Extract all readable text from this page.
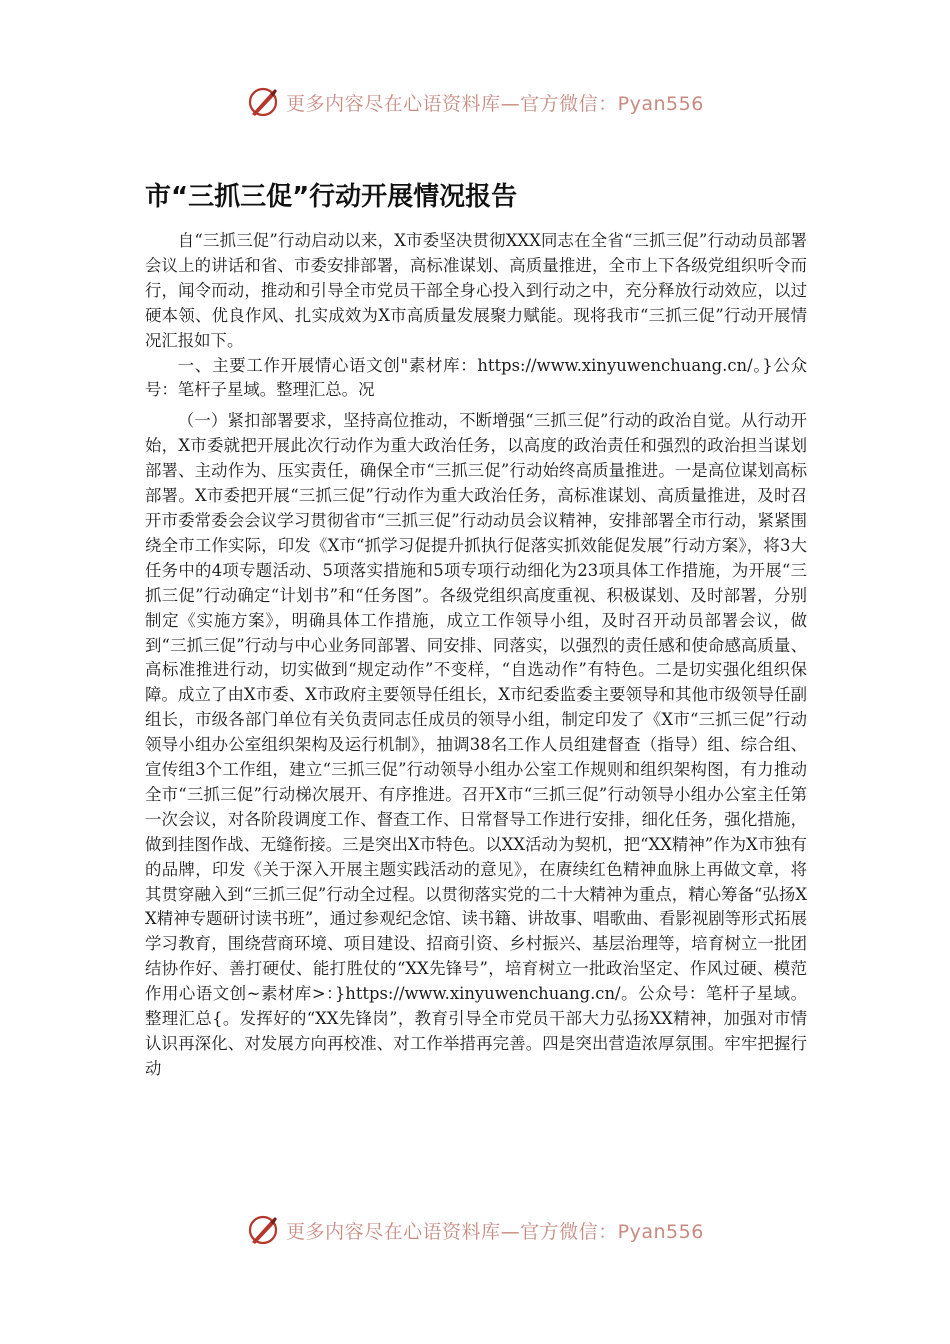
更多内容尽在心语资料库—官方微信：Pyan556
市“三抓三促”行动开展情况报告

自“三抓三促”行动启动以来，X市委坚决贯彻XXX同志在全省“三抓三促”行动动员部署会议上的讲话和省、市委安排部署，高标准谋划、高质量推进，全市上下各级党组织听令而行，闻令而动，推动和引导全市党员干部全身心投入到行动之中，充分释放行动效应，以过硬本领、优良作风、扎实成效为X市高质量发展聚力赋能。现将我市“三抓三促”行动开展情况汇报如下。

一、主要工作开展情心语文创"素材库：https://www.xinyuwenchuang.cn/。}公众号：笔杆子星域。整理汇总。况

（一）紧扣部署要求，坚持高位推动，不断增强“三抓三促”行动的政治自觉。从行动开始，X市委就把开展此次行动作为重大政治任务，以高度的政治责任和强烈的政治担当谋划部署、主动作为、压实责任，确保全市“三抓三促”行动始终高质量推进。一是高位谋划高标部署。X市委把开展“三抓三促”行动作为重大政治任务，高标准谋划、高质量推进，及时召开市委常委会会议学习贯彻省市“三抓三促”行动动员会议精神，安排部署全市行动，紧紧围绕全市工作实际，印发《X市“抓学习促提升抓执行促落实抓效能促发展”行动方案》，将3大任务中的4项专题活动、5项落实措施和5项专项行动细化为23项具体工作措施，为开展“三抓三促”行动确定“计划书”和“任务图”。各级党组织高度重视、积极谋划、及时部署，分别制定《实施方案》，明确具体工作措施，成立工作领导小组，及时召开动员部署会议，做到“三抓三促”行动与中心业务同部署、同安排、同落实，以强烈的责任感和使命感高质量、高标准推进行动，切实做到“规定动作”不变样，“自选动作”有特色。二是切实强化组织保障。成立了由X市委、X市政府主要领导任组长，X市纪委监委主要领导和其他市级领导任副组长，市级各部门单位有关负责同志任成员的领导小组，制定印发了《X市“三抓三促”行动领导小组办公室组织架构及运行机制》，抽调38名工作人员组建督查（指导）组、综合组、宣传组3个工作组，建立“三抓三促”行动领导小组办公室工作规则和组织架构图，有力推动全市“三抓三促”行动梯次展开、有序推进。召开X市“三抓三促”行动领导小组办公室主任第一次会议，对各阶段调度工作、督查工作、日常督导工作进行安排，细化任务，强化措施，做到挂图作战、无缝衔接。三是突出X市特色。以XX活动为契机，把“XX精神”作为X市独有的品牌，印发《关于深入开展主题实践活动的意见》，在赓续红色精神血脉上再做文章，将其贯穿融入到“三抓三促”行动全过程。以贯彻落实党的二十大精神为重点，精心筹备“弘扬XX精神专题研讨读书班”，通过参观纪念馆、读书籍、讲故事、唱歌曲、看影视剧等形式拓展学习教育，围绕营商环境、项目建设、招商引资、乡村振兴、基层治理等，培育树立一批团结协作好、善打硬仗、能打胜仗的“XX先锋号”，培育树立一批政治坚定、作风过硬、模范作用心语文创~素材库>：}https://www.xinyuwenchuang.cn/。公众号：笔杆子星域。整理汇总{。发挥好的“XX先锋岗”，教育引导全市党员干部大力弘扬XX精神，加强对市情认识再深化、对发展方向再校准、对工作举措再完善。四是突出营造浓厚氛围。牢牢把握行动

更多内容尽在心语资料库—官方微信：Pyan556
